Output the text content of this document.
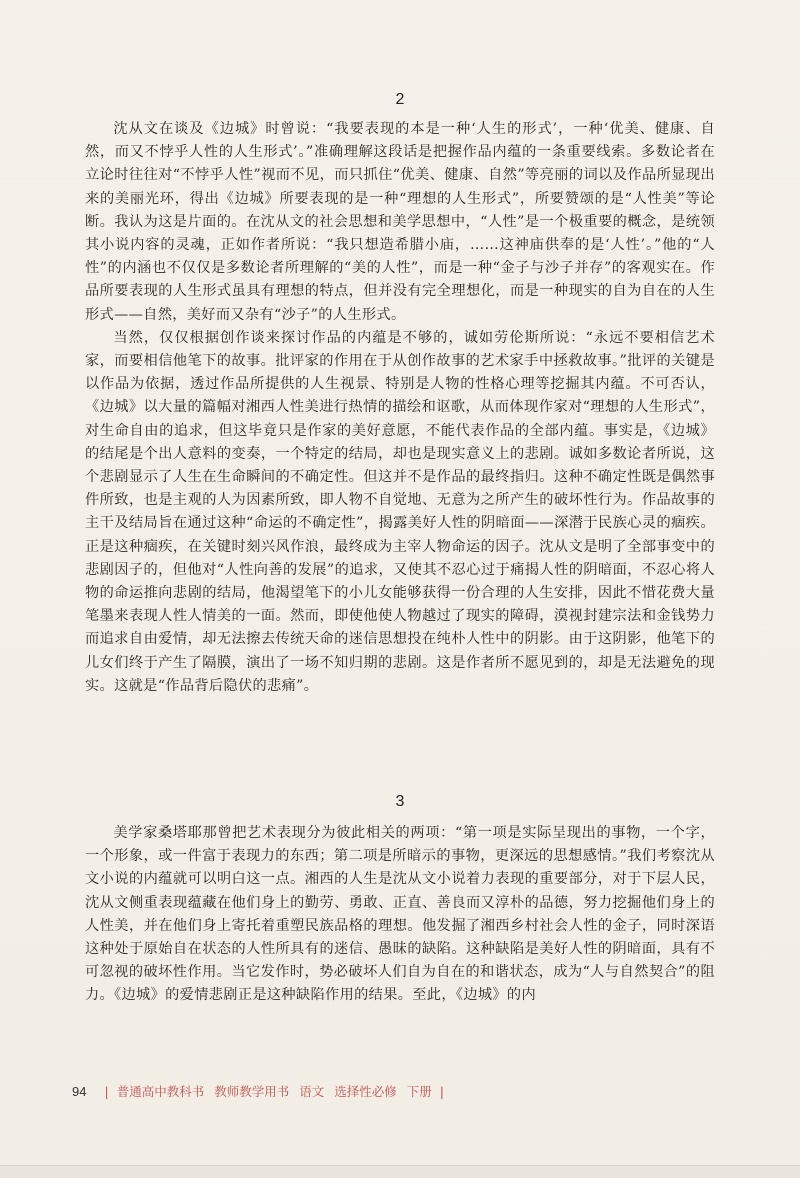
2

沈从文在谈及《边城》时曾说：“我要表现的本是一种‘人生的形式’，一种‘优美、健康、自然，而又不悖乎人性的人生形式’。”准确理解这段话是把握作品内蕴的一条重要线索。多数论者在立论时往往对“不悖乎人性”视而不见，而只抓住“优美、健康、自然”等亮丽的词以及作品所显现出来的美丽光环，得出《边城》所要表现的是一种“理想的人生形式”，所要赞颂的是“人性美”等论断。我认为这是片面的。在沈从文的社会思想和美学思想中，“人性”是一个极重要的概念，是统领其小说内容的灵魂，正如作者所说：“我只想造希腊小庙，……这神庙供奉的是‘人性’。”他的“人性”的内涵也不仅仅是多数论者所理解的“美的人性”，而是一种“金子与沙子并存”的客观实在。作品所要表现的人生形式虽具有理想的特点，但并没有完全理想化，而是一种现实的自为自在的人生形式——自然，美好而又杂有“沙子”的人生形式。

当然，仅仅根据创作谈来探讨作品的内蕴是不够的，诚如劳伦斯所说：“永远不要相信艺术家，而要相信他笔下的故事。批评家的作用在于从创作故事的艺术家手中拯救故事。”批评的关键是以作品为依据，透过作品所提供的人生视景、特别是人物的性格心理等挖掘其内蕴。不可否认，《边城》以大量的篇幅对湘西人性美进行热情的描绘和讴歌，从而体现作家对“理想的人生形式”，对生命自由的追求，但这毕竟只是作家的美好意愿，不能代表作品的全部内蕴。事实是，《边城》的结尾是个出人意料的变奏，一个特定的结局，却也是现实意义上的悲剧。诚如多数论者所说，这个悲剧显示了人生在生命瞬间的不确定性。但这并不是作品的最终指归。这种不确定性既是偶然事件所致，也是主观的人为因素所致，即人物不自觉地、无意为之所产生的破坏性行为。作品故事的主干及结局旨在通过这种“命运的不确定性”，揭露美好人性的阴暗面——深潜于民族心灵的痼疾。正是这种痼疾，在关键时刻兴风作浪，最终成为主宰人物命运的因子。沈从文是明了全部事变中的悲剧因子的，但他对“人性向善的发展”的追求，又使其不忍心过于痛揭人性的阴暗面，不忍心将人物的命运推向悲剧的结局，他渴望笔下的小儿女能够获得一份合理的人生安排，因此不惜花费大量笔墨来表现人性人情美的一面。然而，即使他使人物越过了现实的障碍，漠视封建宗法和金钱势力而追求自由爱情，却无法擦去传统天命的迷信思想投在纯朴人性中的阴影。由于这阴影，他笔下的儿女们终于产生了隔膜，演出了一场不知归期的悲剧。这是作者所不愿见到的，却是无法避免的现实。这就是“作品背后隐伏的悲痛”。

3

美学家桑塔耶那曾把艺术表现分为彼此相关的两项：“第一项是实际呈现出的事物，一个字，一个形象，或一件富于表现力的东西；第二项是所暗示的事物，更深远的思想感情。”我们考察沈从文小说的内蕴就可以明白这一点。湘西的人生是沈从文小说着力表现的重要部分，对于下层人民，沈从文侧重表现蕴藏在他们身上的勤劳、勇敢、正直、善良而又淳朴的品德，努力挖掘他们身上的人性美，并在他们身上寄托着重塑民族品格的理想。他发掘了湘西乡村社会人性的金子，同时深语这种处于原始自在状态的人性所具有的迷信、愚昧的缺陷。这种缺陷是美好人性的阴暗面，具有不可忽视的破坏性作用。当它发作时，势必破坏人们自为自在的和谐状态，成为“人与自然契合”的阻力。《边城》的爱情悲剧正是这种缺陷作用的结果。至此，《边城》的内

94 | 普通高中教科书 教师教学用书 语文 选择性必修 下册 |
